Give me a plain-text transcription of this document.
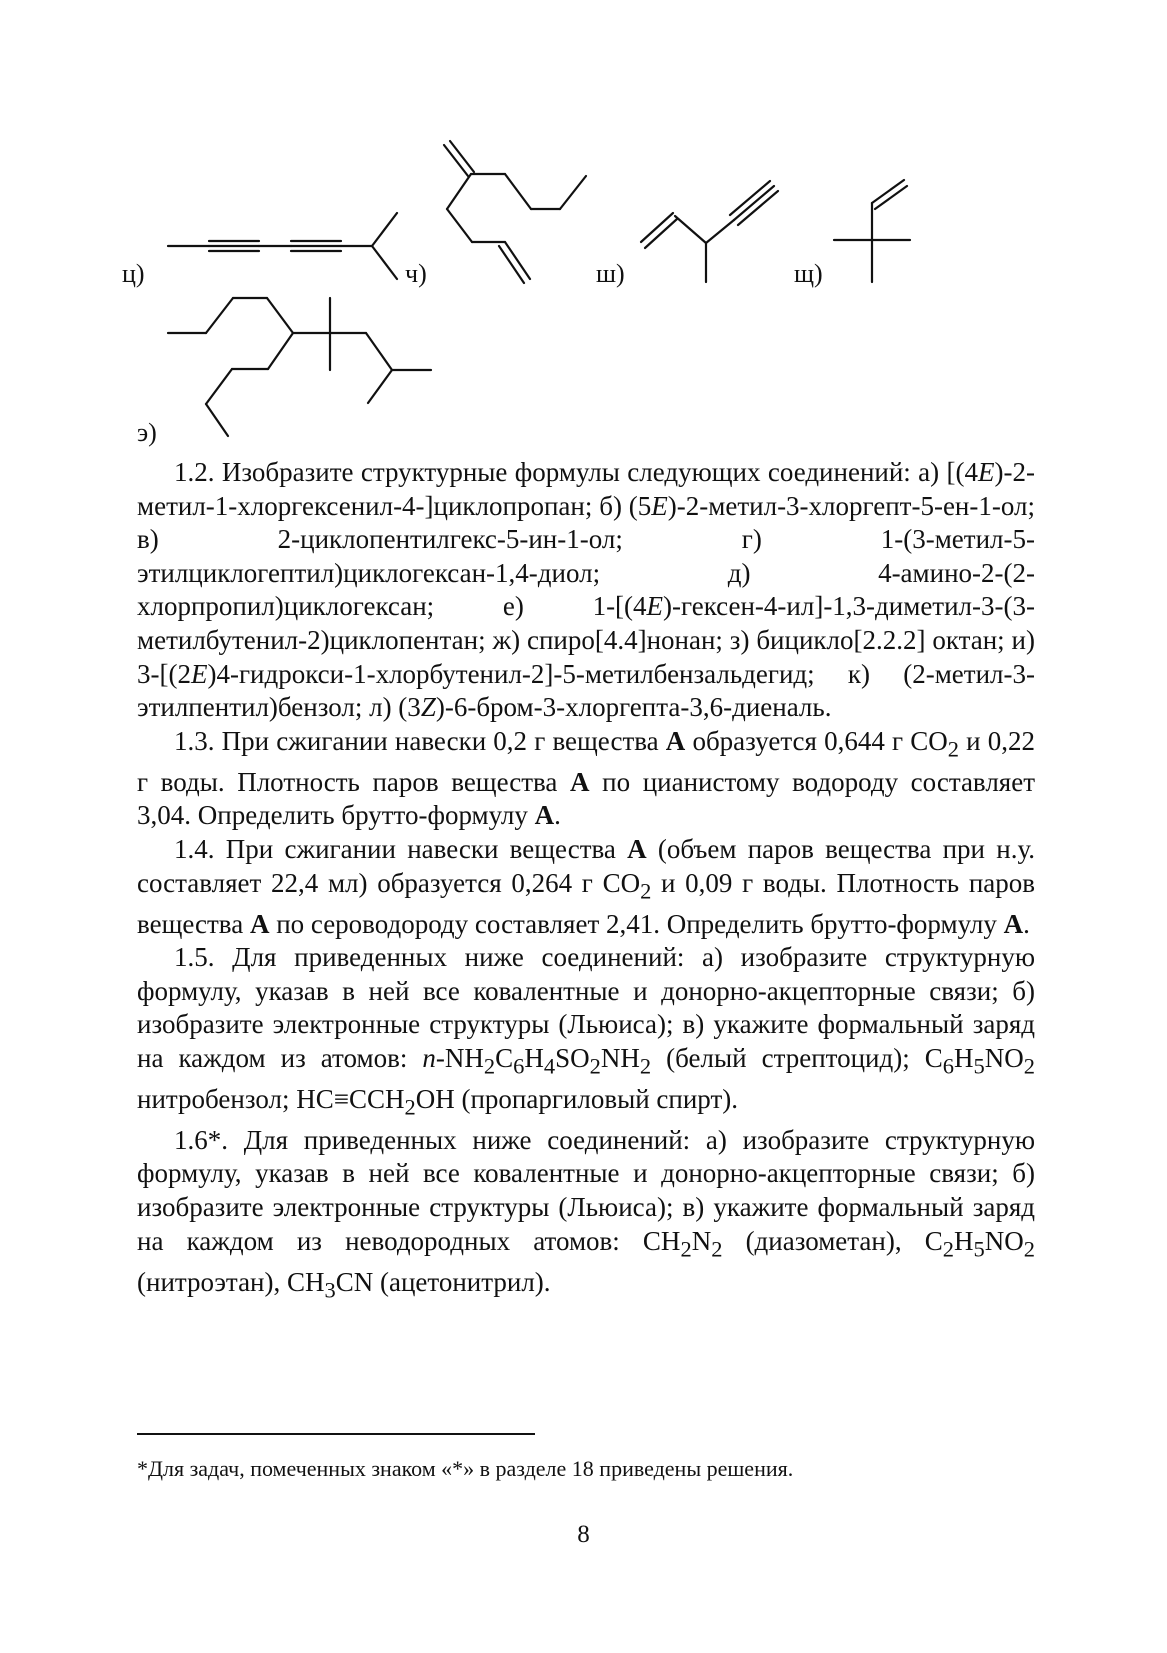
ц)	ч)	ш)	щ)
э)

1.2. Изобразите структурные формулы следующих соединений: а) [(4E)-2-метил-1-хлоргексенил-4-]циклопропан; б) (5E)-2-метил-3-хлоргепт-5-ен-1-ол; в) 2-циклопентилгекс-5-ин-1-ол; г) 1-(3-метил-5-этилциклогептил)циклогексан-1,4-диол; д) 4-амино-2-(2-хлорпропил)циклогексан; е) 1-[(4E)-гексен-4-ил]-1,3-диметил-3-(3-метилбутенил-2)циклопентан; ж) спиро[4.4]нонан; з) бицикло[2.2.2] октан; и) 3-[(2E)4-гидрокси-1-хлорбутенил-2]-5-метилбензальдегид; к) (2-метил-3-этилпентил)бензол; л) (3Z)-6-бром-3-хлоргепта-3,6-диеналь.

1.3. При сжигании навески 0,2 г вещества А образуется 0,644 г $CO_2$ и 0,22 г воды. Плотность паров вещества А по цианистому водороду составляет 3,04. Определить брутто-формулу А.

1.4. При сжигании навески вещества А (объем паров вещества при н.у. составляет 22,4 мл) образуется 0,264 г $CO_2$ и 0,09 г воды. Плотность паров вещества А по сероводороду составляет 2,41. Определить брутто-формулу А.

1.5. Для приведенных ниже соединений: а) изобразите структурную формулу, указав в ней все ковалентные и донорно-акцепторные связи; б) изобразите электронные структуры (Льюиса); в) укажите формальный заряд на каждом из атомов: $n-NH_2C_6H_4SO_2NH_2$ (белый стрептоцид); $C_6H_5NO_2$ нитробензол; $HC\equiv CCH_2OH$ (пропаргиловый спирт).

1.6*. Для приведенных ниже соединений: а) изобразите структурную формулу, указав в ней все ковалентные и донорно-акцепторные связи; б) изобразите электронные структуры (Льюиса); в) укажите формальный заряд на каждом из неводородных атомов: $CH_2N_2$ (диазометан), $C_2H_5NO_2$ (нитроэтан), $CH_3CN$ (ацетонитрил).

*Для задач, помеченных знаком «*» в разделе 18 приведены решения.
8
